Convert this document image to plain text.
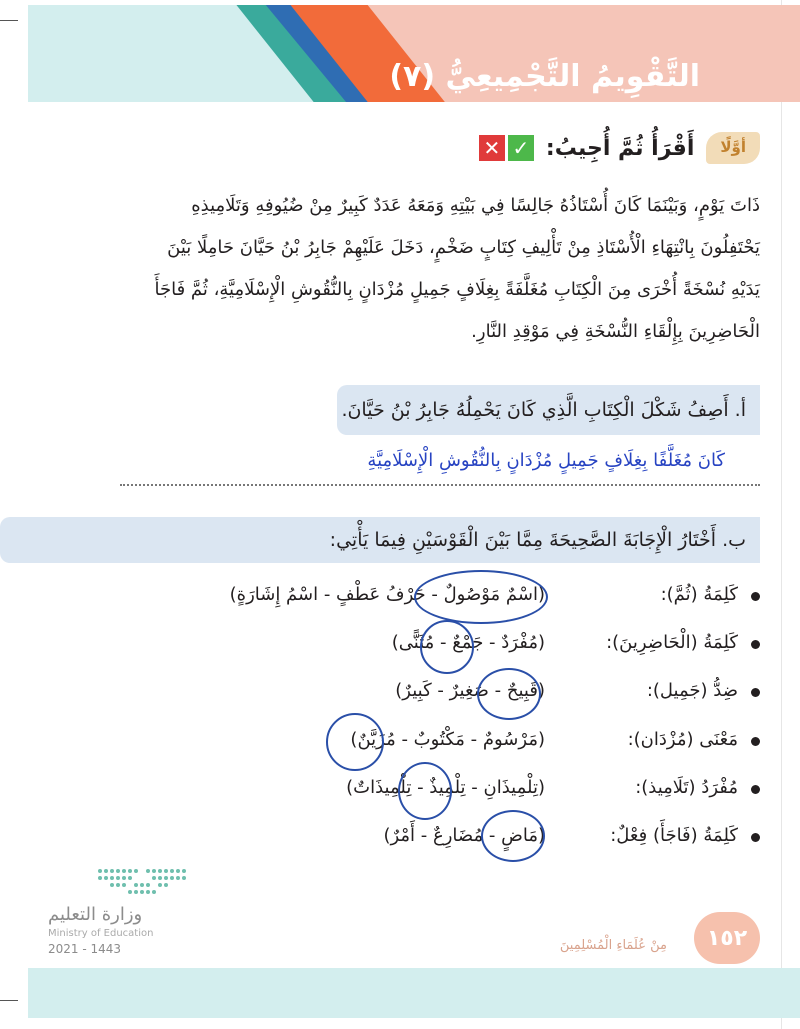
التَّقْوِيمُ التَّجْمِيعِيُّ (٧)
أوَّلًا
أَقْرَأُ ثُمَّ أُجِيبُ:
✕ ✓
ذَاتَ يَوْمٍ، وَبَيْنَمَا كَانَ أُسْتَاذُهُ جَالِسًا فِي بَيْتِهِ وَمَعَهُ عَدَدٌ كَبِيرٌ مِنْ ضُيُوفِهِ وَتَلَامِيذِهِ
يَحْتَفِلُونَ بِانْتِهَاءِ الْأُسْتَاذِ مِنْ تَأْلِيفِ كِتَابٍ ضَخْمٍ، دَخَلَ عَلَيْهِمْ جَابِرُ بْنُ حَيَّانَ حَامِلًا بَيْنَ
يَدَيْهِ نُسْخَةً أُخْرَى مِنَ الْكِتَابِ مُغَلَّفَةً بِغِلَافٍ جَمِيلٍ مُزْدَانٍ بِالنُّقُوشِ الْإِسْلَامِيَّةِ، ثُمَّ فَاجَأَ
الْحَاضِرِينَ بِإِلْقَاءِ النُّسْخَةِ فِي مَوْقِدِ النَّارِ.
أ. أَصِفُ شَكْلَ الْكِتَابِ الَّذِي كَانَ يَحْمِلُهُ جَابِرُ بْنُ حَيَّانَ.
كَانَ مُغَلَّفًا بِغِلَافٍ جَمِيلٍ مُزْدَانٍ بِالنُّقُوشِ الْإِسْلَامِيَّةِ
ب. أَخْتَارُ الْإِجَابَةَ الصَّحِيحَةَ مِمَّا بَيْنَ الْقَوْسَيْنِ فِيمَا يَأْتِي:
كَلِمَةُ (ثُمَّ):
(اسْمٌ مَوْصُولٌ - حَرْفُ عَطْفٍ - اسْمُ إِشَارَةٍ)
كَلِمَةُ (الْحَاضِرِينَ):
(مُفْرَدٌ - جَمْعٌ - مُثَنًّى)
ضِدُّ (جَمِيل):
(قَبِيحٌ - صَغِيرٌ - كَبِيرٌ)
مَعْنَى (مُزْدَان):
(مَرْسُومٌ - مَكْتُوبٌ - مُزَيَّنٌ)
مُفْرَدُ (تَلَامِيذ):
(تِلْمِيذَانِ - تِلْمِيذٌ - تِلْمِيذَاتٌ)
كَلِمَةُ (فَاجَأَ) فِعْلٌ:
(مَاضٍ - مُضَارِعٌ - أَمْرٌ)
وزارة التعليم
Ministry of Education
2021 - 1443	مِنْ عُلَمَاءِ الْمُسْلِمِينَ	١٥٢
